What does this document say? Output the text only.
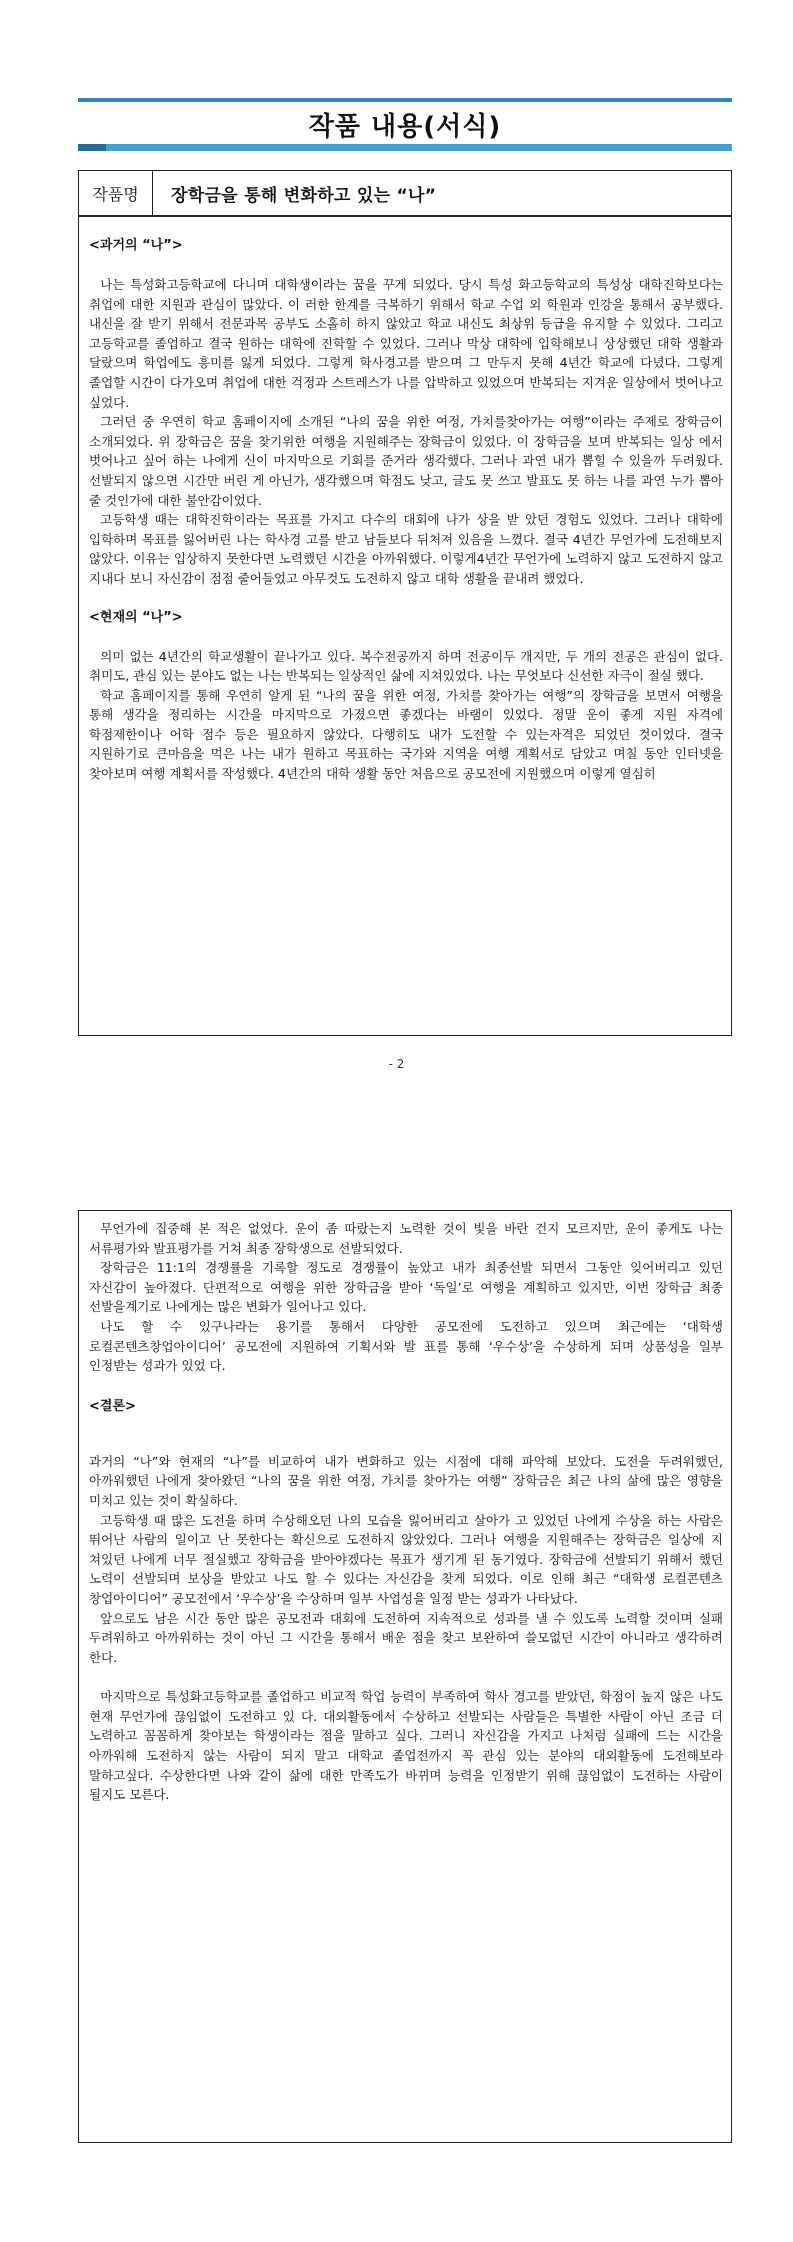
작품 내용(서식)
작품명	장학금을 통해 변화하고 있는 “나”

<과거의 “나”>

나는 특성화고등학교에 다니며 대학생이라는 꿈을 꾸게 되었다. 당시 특성 화고등학교의 특성상 대학진학보다는 취업에 대한 지원과 관심이 많았다. 이 러한 한계를 극복하기 위해서 학교 수업 외 학원과 인강을 통해서 공부했다. 내신을 잘 받기 위해서 전문과목 공부도 소홀히 하지 않았고 학교 내신도 최상위 등급을 유지할 수 있었다. 그리고 고등학교를 졸업하고 결국 원하는 대학에 진학할 수 있었다. 그러나 막상 대학에 입학해보니 상상했던 대학 생활과 달랐으며 학업에도 흥미를 잃게 되었다. 그렇게 학사경고를 받으며 그 만두지 못해 4년간 학교에 다녔다. 그렇게 졸업할 시간이 다가오며 취업에 대한 걱정과 스트레스가 나를 압박하고 있었으며 반복되는 지겨운 일상에서 벗어나고 싶었다.

그러던 중 우연히 학교 홈페이지에 소개된 “나의 꿈을 위한 여정, 가치를찾아가는 여행”이라는 주제로 장학금이 소개되었다. 위 장학금은 꿈을 찾기위한 여행을 지원해주는 장학금이 있었다. 이 장학금을 보며 반복되는 일상 에서 벗어나고 싶어 하는 나에게 신이 마지막으로 기회를 준거라 생각했다. 그러나 과연 내가 뽑힐 수 있을까 두려웠다. 선발되지 않으면 시간만 버린 게 아닌가, 생각했으며 학점도 낮고, 글도 못 쓰고 발표도 못 하는 나를 과연 누가 뽑아 줄 것인가에 대한 불안감이었다.

고등학생 때는 대학진학이라는 목표를 가지고 다수의 대회에 나가 상을 받 았던 경험도 있었다. 그러나 대학에 입학하며 목표를 잃어버린 나는 학사경 고를 받고 남들보다 뒤처져 있음을 느꼈다. 결국 4년간 무언가에 도전해보지 않았다. 이유는 입상하지 못한다면 노력했던 시간을 아까워했다. 이렇게4년간 무언가에 노력하지 않고 도전하지 않고 지내다 보니 자신감이 점점 줄어들었고 아무것도 도전하지 않고 대학 생활을 끝내려 했었다.

<현재의 “나”>

의미 없는 4년간의 학교생활이 끝나가고 있다. 복수전공까지 하며 전공이두 개지만, 두 개의 전공은 관심이 없다. 취미도, 관심 있는 분야도 없는 나는 반복되는 일상적인 삶에 지쳐있었다. 나는 무엇보다 신선한 자극이 절실 했다.

학교 홈페이지를 통해 우연히 알게 된 “나의 꿈을 위한 여정, 가치를 찾아가는 여행”의 장학금을 보면서 여행을 통해 생각을 정리하는 시간을 마지막으로 가졌으면 좋겠다는 바램이 있었다. 정말 운이 좋게 지원 자격에 학점제한이나 어학 점수 등은 필요하지 않았다. 다행히도 내가 도전할 수 있는자격은 되었던 것이었다. 결국 지원하기로 큰마음을 먹은 나는 내가 원하고 목표하는 국가와 지역을 여행 계획서로 담았고 며칠 동안 인터넷을 찾아보며 여행 계획서를 작성했다. 4년간의 대학 생활 동안 처음으로 공모전에 지원했으며 이렇게 열심히

- 2

무언가에 집중해 본 적은 없었다. 운이 좀 따랐는지 노력한 것이 빛을 바란 건지 모르지만, 운이 좋게도 나는 서류평가와 발표평가를 거쳐 최종 장학생으로 선발되었다.

장학금은 11:1의 경쟁률을 기록할 정도로 경쟁률이 높았고 내가 최종선발 되면서 그동안 잊어버리고 있던 자신감이 높아졌다. 단편적으로 여행을 위한 장학금을 받아 ‘독일’로 여행을 계획하고 있지만, 이번 장학금 최종 선발을계기로 나에게는 많은 변화가 일어나고 있다.

나도 할 수 있구나라는 용기를 통해서 다양한 공모전에 도전하고 있으며 최근에는 ‘대학생 로컬콘텐츠창업아이디어’ 공모전에 지원하여 기획서와 발 표를 통해 ‘우수상’을 수상하게 되며 상품성을 일부 인정받는 성과가 있었 다.

<결론>

과거의 “나”와 현재의 “나”를 비교하여 내가 변화하고 있는 시점에 대해 파악해 보았다. 도전을 두려워했던, 아까워했던 나에게 찾아왔던 “나의 꿈을 위한 여정, 가치를 찾아가는 여행” 장학금은 최근 나의 삶에 많은 영향을 미치고 있는 것이 확실하다.

고등학생 때 많은 도전을 하며 수상해오던 나의 모습을 잃어버리고 살아가 고 있었던 나에게 수상을 하는 사람은 뛰어난 사람의 일이고 난 못한다는 확신으로 도전하지 않았었다. 그러나 여행을 지원해주는 장학금은 일상에 지 쳐있던 나에게 너무 절실했고 장학금을 받아야겠다는 목표가 생기게 된 동기였다. 장학금에 선발되기 위해서 했던 노력이 선발되며 보상을 받았고 나도 할 수 있다는 자신감을 찾게 되었다. 이로 인해 최근 “대학생 로컬콘텐츠 창업아이디어” 공모전에서 ‘우수상’을 수상하며 일부 사업성을 일정 받는 성과가 나타났다.

앞으로도 남은 시간 동안 많은 공모전과 대회에 도전하여 지속적으로 성과를 낼 수 있도록 노력할 것이며 실패 두려워하고 아까워하는 것이 아닌 그 시간을 통해서 배운 점을 찾고 보완하여 쓸모없던 시간이 아니라고 생각하려 한다.

마지막으로 특성화고등학교를 졸업하고 비교적 학업 능력이 부족하여 학사 경고를 받았던, 학점이 높지 않은 나도 현재 무언가에 끊임없이 도전하고 있 다. 대외활동에서 수상하고 선발되는 사람들은 특별한 사람이 아닌 조금 더 노력하고 꼼꼼하게 찾아보는 학생이라는 점을 말하고 싶다. 그러니 자신감을 가지고 나처럼 실패에 드는 시간을 아까워해 도전하지 않는 사람이 되지 말고 대학교 졸업전까지 꼭 관심 있는 분야의 대외활동에 도전해보라 말하고싶다. 수상한다면 나와 같이 삶에 대한 만족도가 바뀌며 능력을 인정받기 위해 끊임없이 도전하는 사람이 될지도 모른다.
